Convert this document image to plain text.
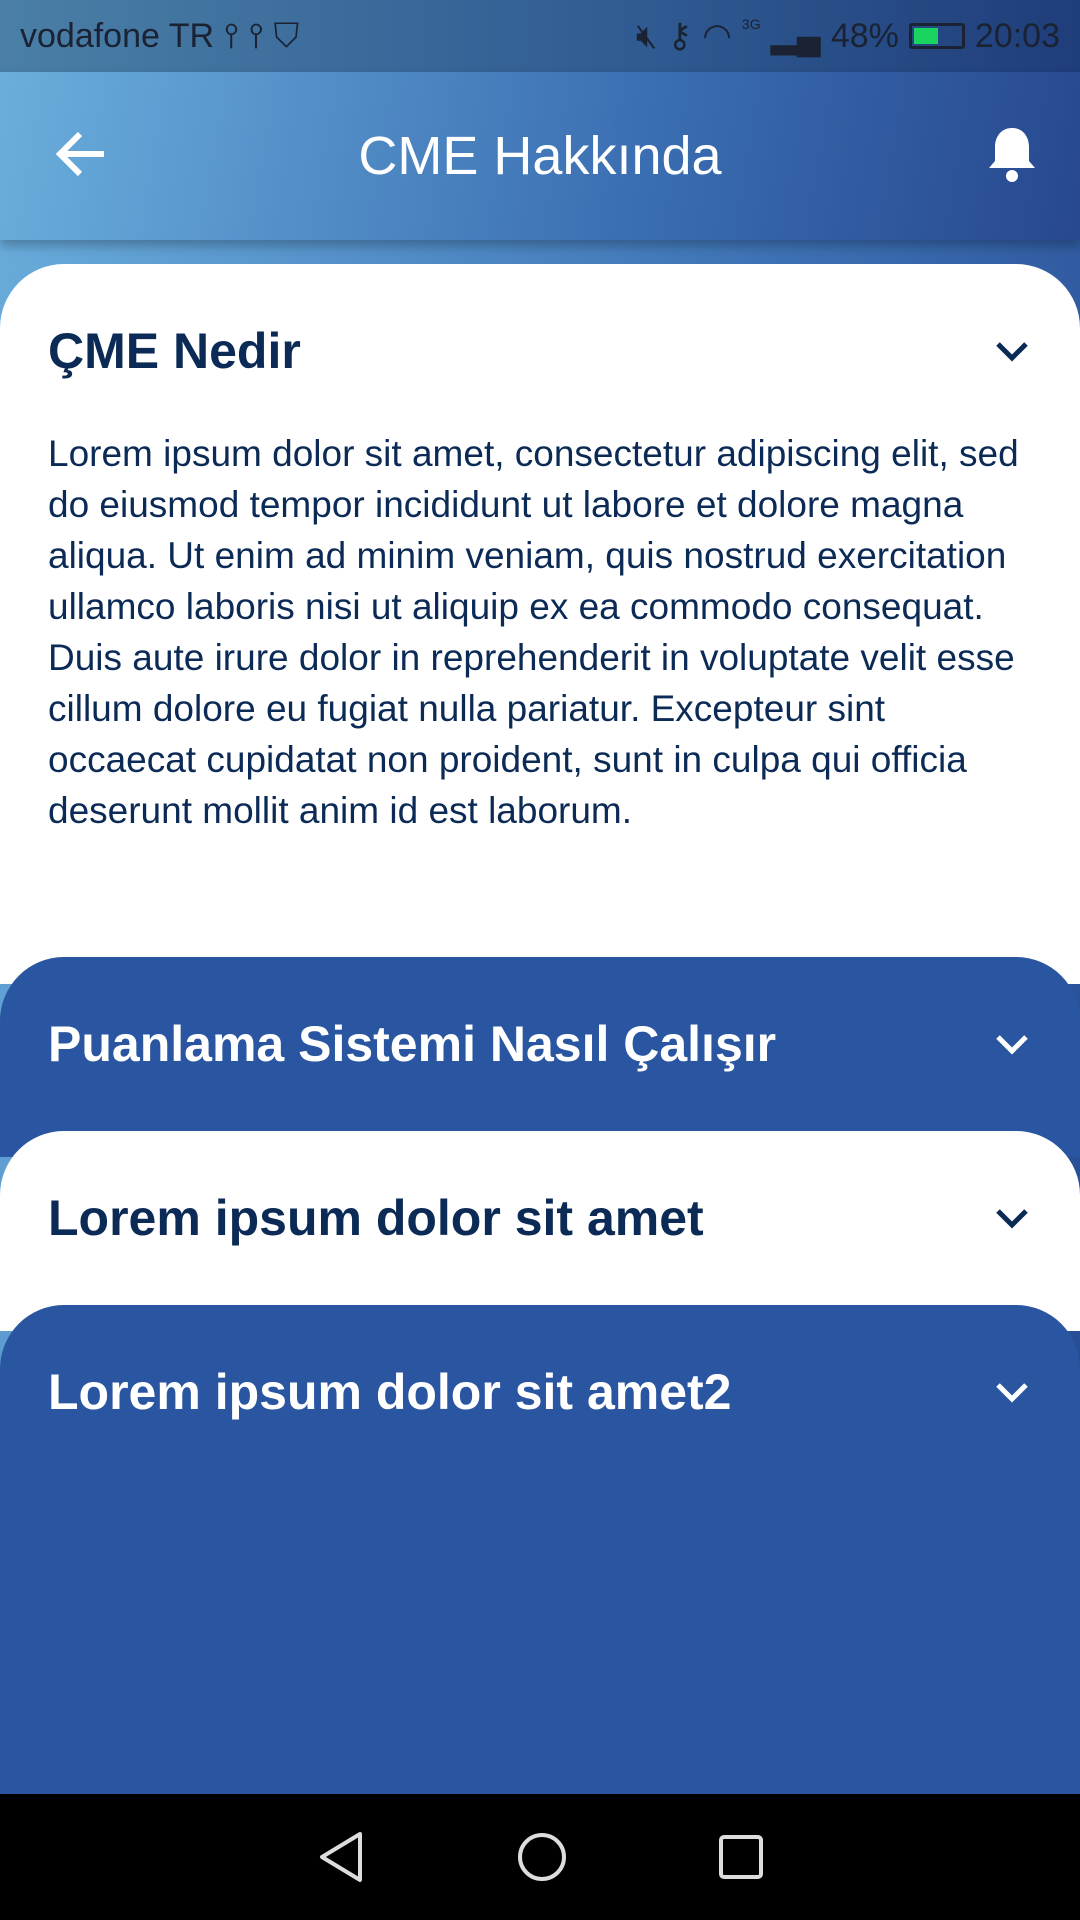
vodafone TR ⫯ ⫯ ⛉	🔇︎ ⚷ ◠ 3G ▂▄ 48% 20:03
CME Hakkında
ÇME Nedir

Lorem ipsum dolor sit amet, consectetur adipiscing elit, sed do eiusmod tempor incididunt ut labore et dolore magna aliqua. Ut enim ad minim veniam, quis nostrud exercitation ullamco laboris nisi ut aliquip ex ea commodo consequat. Duis aute irure dolor in reprehenderit in voluptate velit esse cillum dolore eu fugiat nulla pariatur. Excepteur sint occaecat cupidatat non proident, sunt in culpa qui officia deserunt mollit anim id est laborum.

Puanlama Sistemi Nasıl Çalışır
Lorem ipsum dolor sit amet
Lorem ipsum dolor sit amet2
